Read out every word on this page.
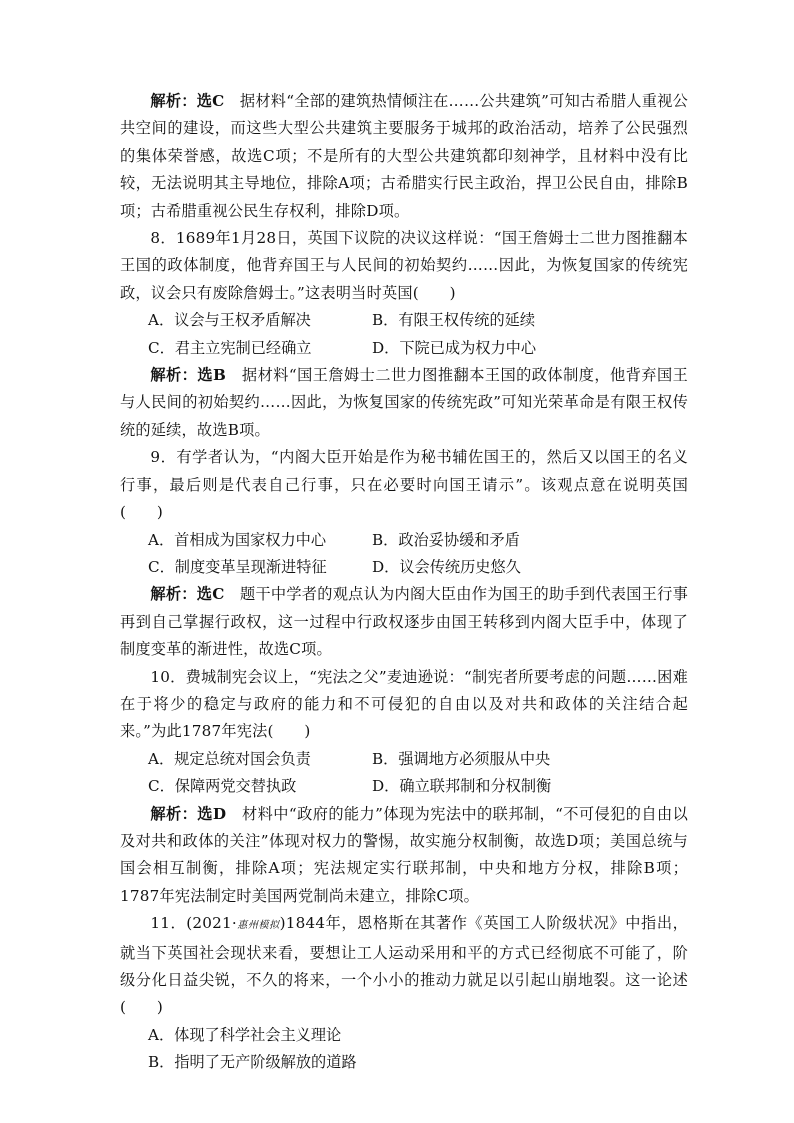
解析：选C　据材料“全部的建筑热情倾注在……公共建筑”可知古希腊人重视公共空间的建设，而这些大型公共建筑主要服务于城邦的政治活动，培养了公民强烈的集体荣誉感，故选C项；不是所有的大型公共建筑都印刻神学，且材料中没有比较，无法说明其主导地位，排除A项；古希腊实行民主政治，捍卫公民自由，排除B项；古希腊重视公民生存权利，排除D项。

8．1689年1月28日，英国下议院的决议这样说：“国王詹姆士二世力图推翻本王国的政体制度，他背弃国王与人民间的初始契约……因此，为恢复国家的传统宪政，议会只有废除詹姆士。”这表明当时英国(　　)

A．议会与王权矛盾解决	B．有限王权传统的延续
C．君主立宪制已经确立	D．下院已成为权力中心

解析：选B　据材料“国王詹姆士二世力图推翻本王国的政体制度，他背弃国王与人民间的初始契约……因此，为恢复国家的传统宪政”可知光荣革命是有限王权传统的延续，故选B项。

9．有学者认为，“内阁大臣开始是作为秘书辅佐国王的，然后又以国王的名义行事，最后则是代表自己行事，只在必要时向国王请示”。该观点意在说明英国(　　)

A．首相成为国家权力中心	B．政治妥协缓和矛盾
C．制度变革呈现渐进特征	D．议会传统历史悠久

解析：选C　题干中学者的观点认为内阁大臣由作为国王的助手到代表国王行事再到自己掌握行政权，这一过程中行政权逐步由国王转移到内阁大臣手中，体现了制度变革的渐进性，故选C项。

10．费城制宪会议上，“宪法之父”麦迪逊说：“制宪者所要考虑的问题……困难在于将少的稳定与政府的能力和不可侵犯的自由以及对共和政体的关注结合起来。”为此1787年宪法(　　)

A．规定总统对国会负责	B．强调地方必须服从中央
C．保障两党交替执政	D．确立联邦制和分权制衡

解析：选D　材料中“政府的能力”体现为宪法中的联邦制，“不可侵犯的自由以及对共和政体的关注”体现对权力的警惕，故实施分权制衡，故选D项；美国总统与国会相互制衡，排除A项；宪法规定实行联邦制，中央和地方分权，排除B项；1787年宪法制定时美国两党制尚未建立，排除C项。

11．(2021·惠州模拟)1844年，恩格斯在其著作《英国工人阶级状况》中指出，就当下英国社会现状来看，要想让工人运动采用和平的方式已经彻底不可能了，阶级分化日益尖锐，不久的将来，一个小小的推动力就足以引起山崩地裂。这一论述(　　)

A．体现了科学社会主义理论
B．指明了无产阶级解放的道路
